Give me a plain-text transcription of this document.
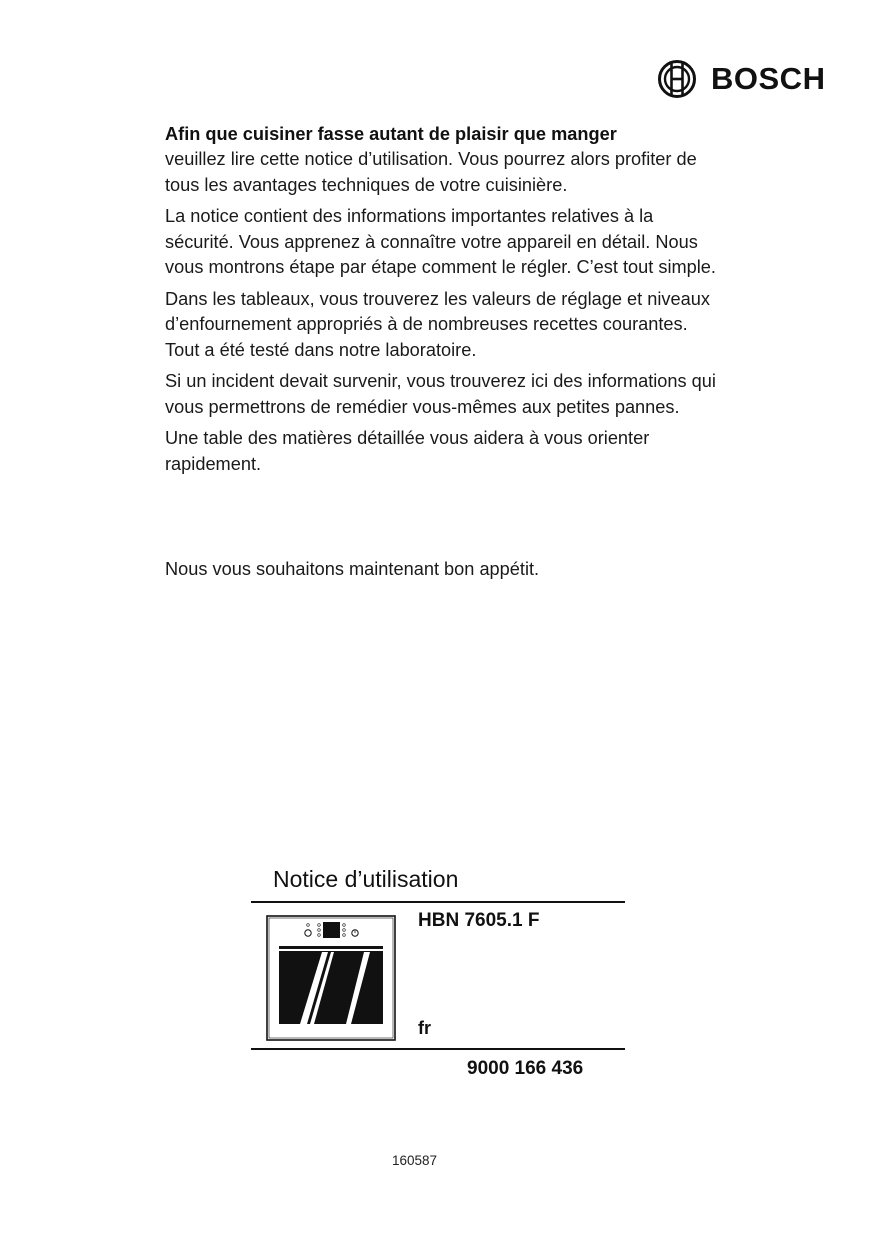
BOSCH
Afin que cuisiner fasse autant de plaisir que manger

veuillez lire cette notice d’utilisation. Vous pourrez alors profiter de tous les avantages techniques de votre cuisinière.

La notice contient des informations importantes relatives à la sécurité. Vous apprenez à connaître votre appareil en détail. Nous vous montrons étape par étape comment le régler. C’est tout simple.

Dans les tableaux, vous trouverez les valeurs de réglage et niveaux d’enfournement appropriés à de nombreuses recettes courantes. Tout a été testé dans notre laboratoire.

Si un incident devait survenir, vous trouverez ici des informations qui vous permettrons de remédier vous-mêmes aux petites pannes.

Une table des matières détaillée vous aidera à vous orienter rapidement.

Nous vous souhaitons maintenant bon appétit.
Notice d’utilisation
HBN 7605.1 F
fr
9000 166 436
160587
